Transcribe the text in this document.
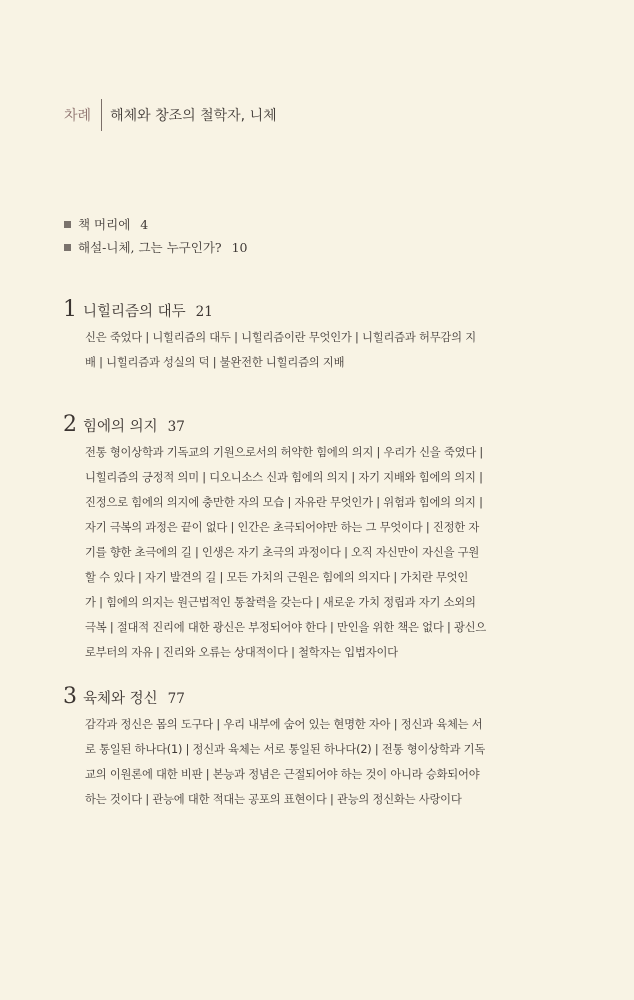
차례 해체와 창조의 철학자, 니체
책 머리에 4
해설-니체, 그는 누구인가? 10
1 니힐리즘의 대두 21
신은 죽었다 | 니힐리즘의 대두 | 니힐리즘이란 무엇인가 | 니힐리즘과 허무감의 지
배 | 니힐리즘과 성실의 덕 | 불완전한 니힐리즘의 지배
2 힘에의 의지 37
전통 형이상학과 기독교의 기원으로서의 허약한 힘에의 의지 | 우리가 신을 죽였다 |
니힐리즘의 긍정적 의미 | 디오니소스 신과 힘에의 의지 | 자기 지배와 힘에의 의지 |
진정으로 힘에의 의지에 충만한 자의 모습 | 자유란 무엇인가 | 위험과 힘에의 의지 |
자기 극복의 과정은 끝이 없다 | 인간은 초극되어야만 하는 그 무엇이다 | 진정한 자
기를 향한 초극에의 길 | 인생은 자기 초극의 과정이다 | 오직 자신만이 자신을 구원
할 수 있다 | 자기 발견의 길 | 모든 가치의 근원은 힘에의 의지다 | 가치란 무엇인
가 | 힘에의 의지는 원근법적인 통찰력을 갖는다 | 새로운 가치 정립과 자기 소외의
극복 | 절대적 진리에 대한 광신은 부정되어야 한다 | 만인을 위한 책은 없다 | 광신으
로부터의 자유 | 진리와 오류는 상대적이다 | 철학자는 입법자이다
3 육체와 정신 77
감각과 정신은 몸의 도구다 | 우리 내부에 숨어 있는 현명한 자아 | 정신과 육체는 서
로 통일된 하나다(1) | 정신과 육체는 서로 통일된 하나다(2) | 전통 형이상학과 기독
교의 이원론에 대한 비판 | 본능과 정념은 근절되어야 하는 것이 아니라 승화되어야
하는 것이다 | 관능에 대한 적대는 공포의 표현이다 | 관능의 정신화는 사랑이다
